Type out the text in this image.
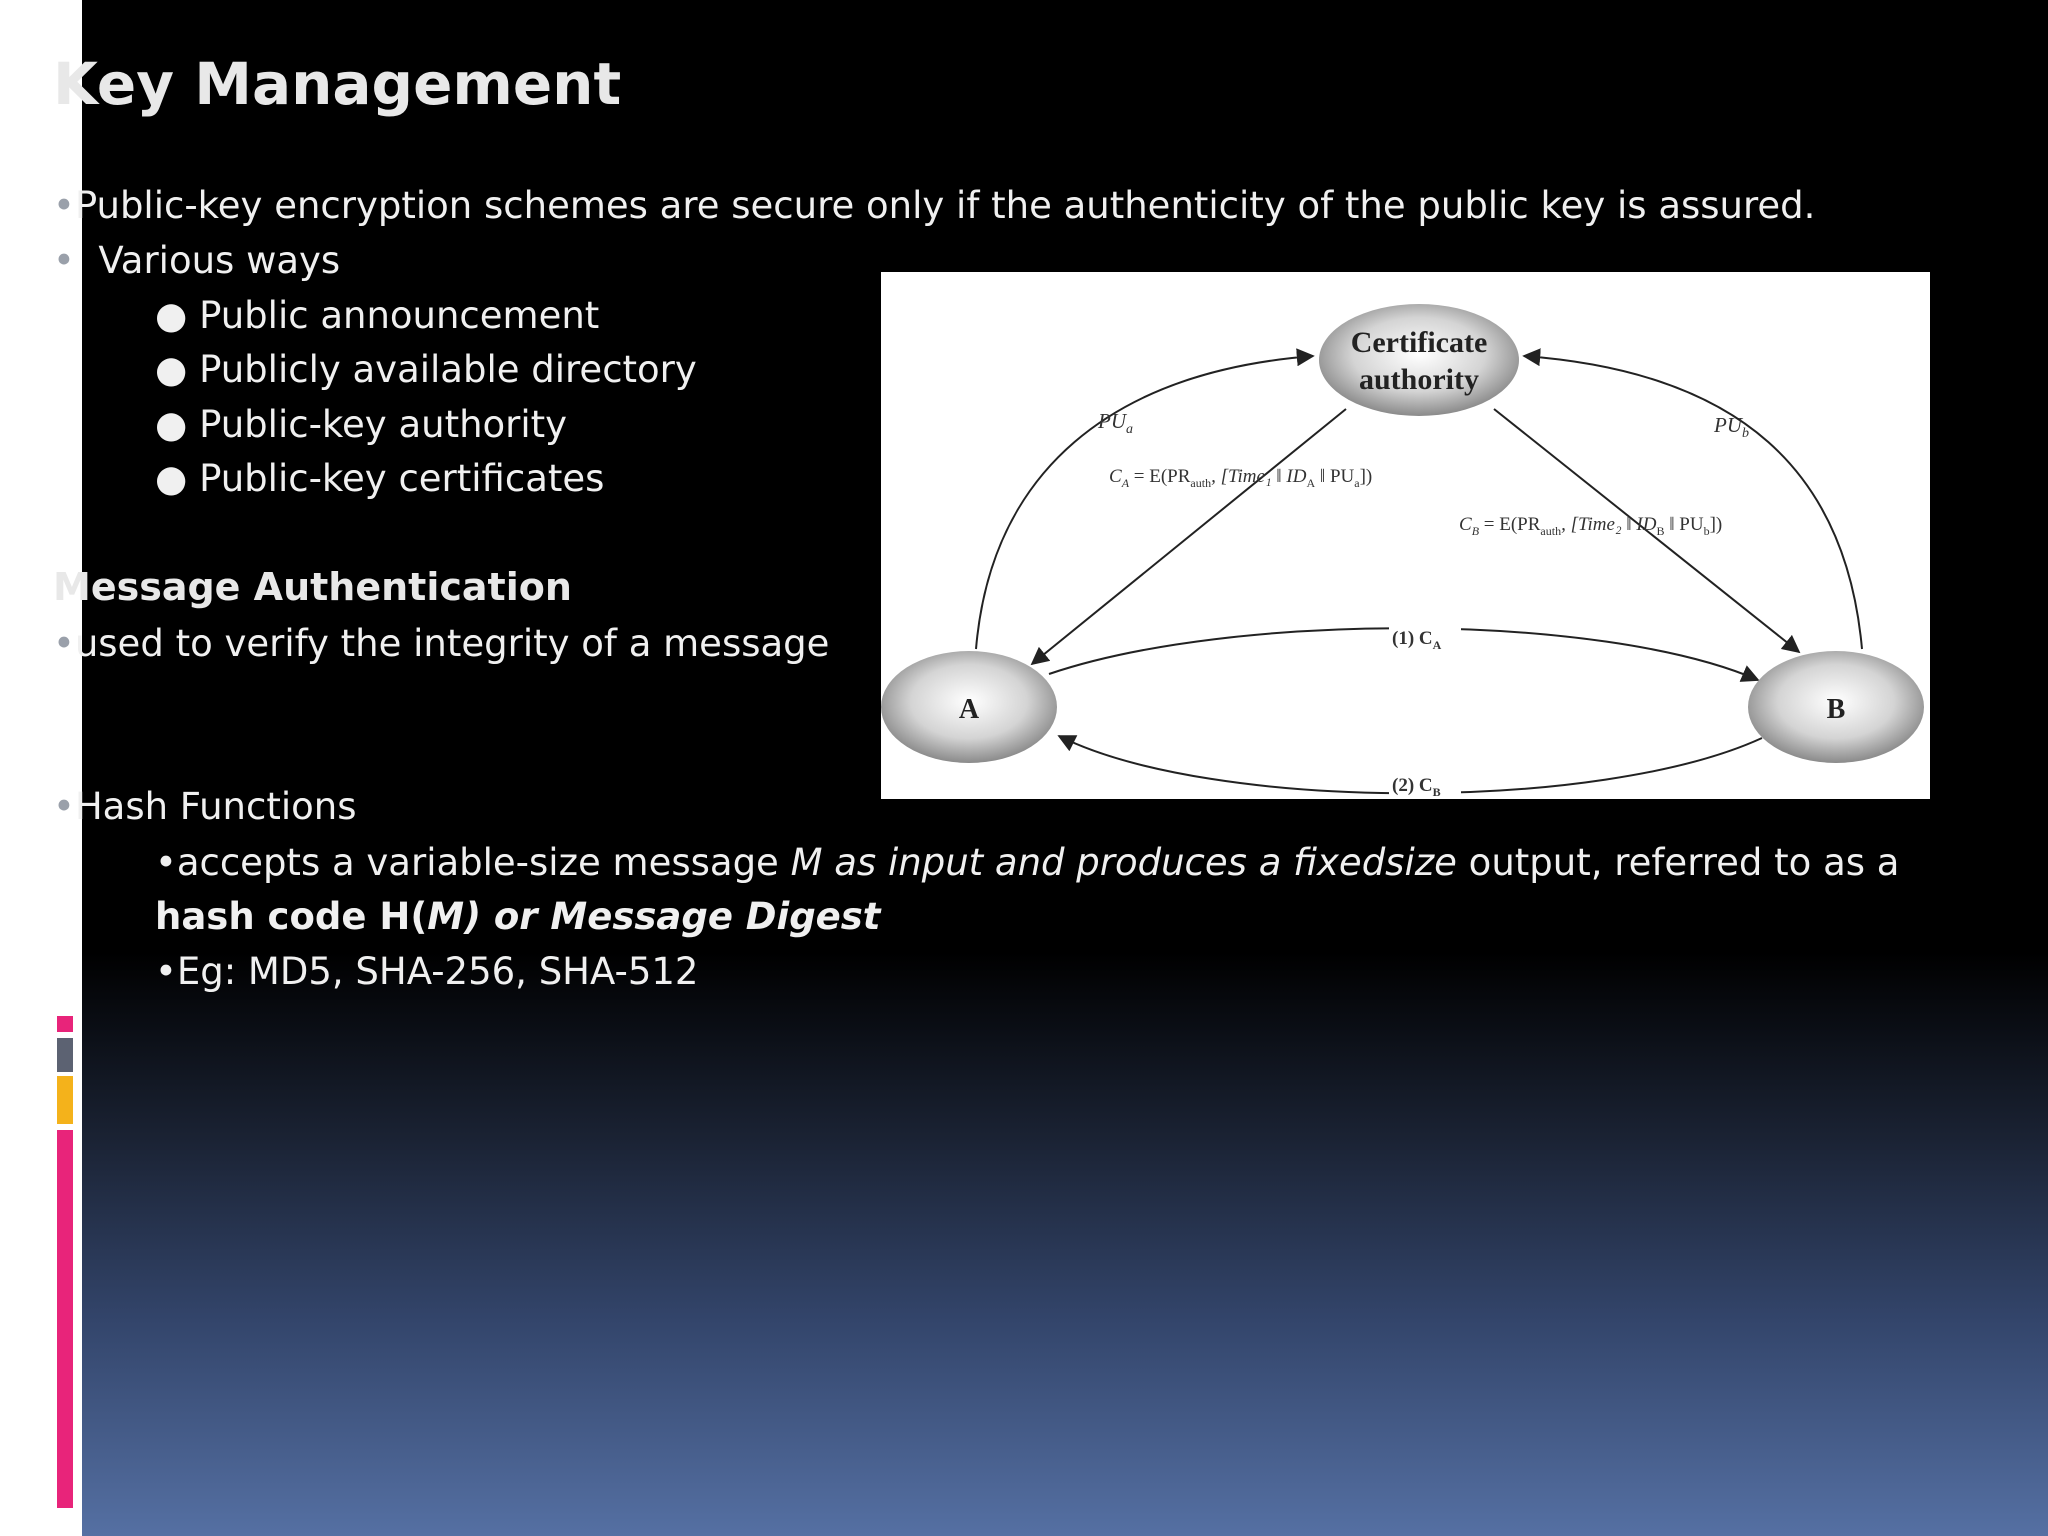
Key Management
•Public-key encryption schemes are secure only if the authenticity of the public key is assured.
• Various ways
● Public announcement
● Publicly available directory
● Public-key authority
● Public-key certificates
Message Authentication
•used to verify the integrity of a message
•Hash Functions
•accepts a variable-size message M as input and produces a fixedsize output, referred to as a hash code H(M) or Message Digest
•Eg: MD5, SHA-256, SHA-512
Certificate
authority
A	B
$PU_a$	$PU_b$
$C_A = E(PR_{auth}$, [Time₁ ǁ $ID_A$ ǁ $PU_a$])
$C_B = E(PR_{auth}$, [Time₂ ǁ $ID_B$ ǁ $PU_b$])
(1) $C_A$
(2) $C_B$
